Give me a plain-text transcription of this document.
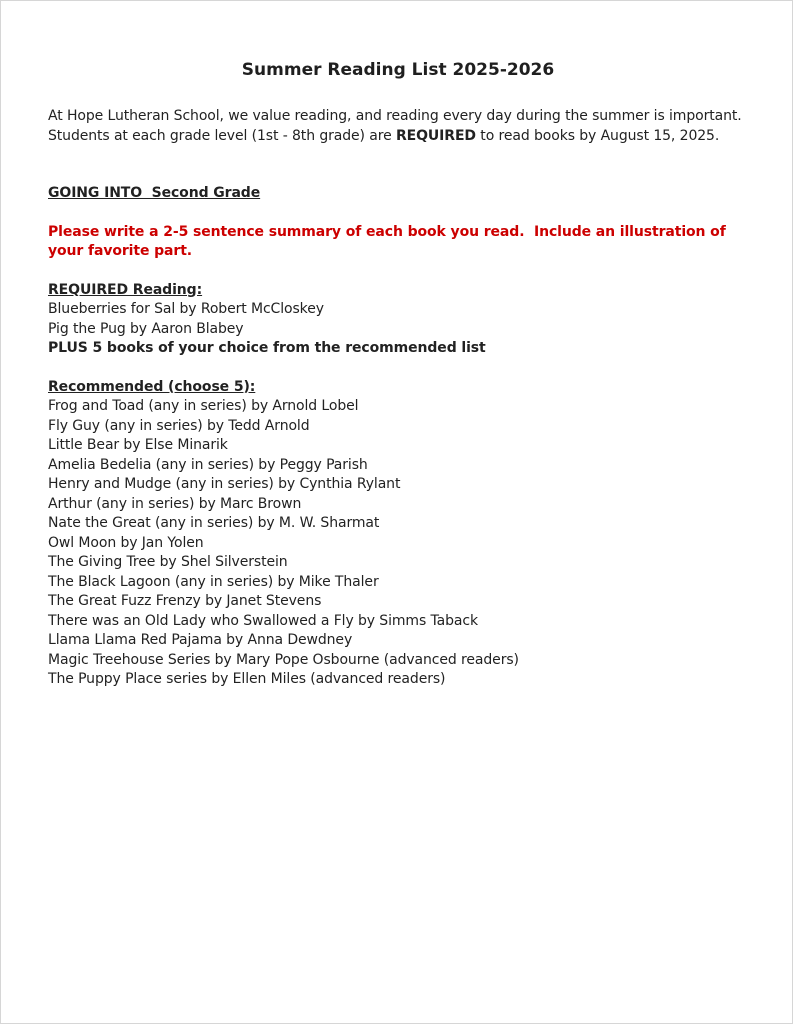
Summer Reading List 2025-2026

At Hope Lutheran School, we value reading, and reading every day during the summer is important. Students at each grade level (1st - 8th grade) are REQUIRED to read books by August 15, 2025.

GOING INTO  Second Grade
Please write a 2-5 sentence summary of each book you read.  Include an illustration of your favorite part.
REQUIRED Reading:
Blueberries for Sal by Robert McCloskey
Pig the Pug by Aaron Blabey
PLUS 5 books of your choice from the recommended list
Recommended (choose 5):
Frog and Toad (any in series) by Arnold Lobel
Fly Guy (any in series) by Tedd Arnold
Little Bear by Else Minarik
Amelia Bedelia (any in series) by Peggy Parish
Henry and Mudge (any in series) by Cynthia Rylant
Arthur (any in series) by Marc Brown
Nate the Great (any in series) by M. W. Sharmat
Owl Moon by Jan Yolen
The Giving Tree by Shel Silverstein
The Black Lagoon (any in series) by Mike Thaler
The Great Fuzz Frenzy by Janet Stevens
There was an Old Lady who Swallowed a Fly by Simms Taback
Llama Llama Red Pajama by Anna Dewdney
Magic Treehouse Series by Mary Pope Osbourne (advanced readers)
The Puppy Place series by Ellen Miles (advanced readers)
